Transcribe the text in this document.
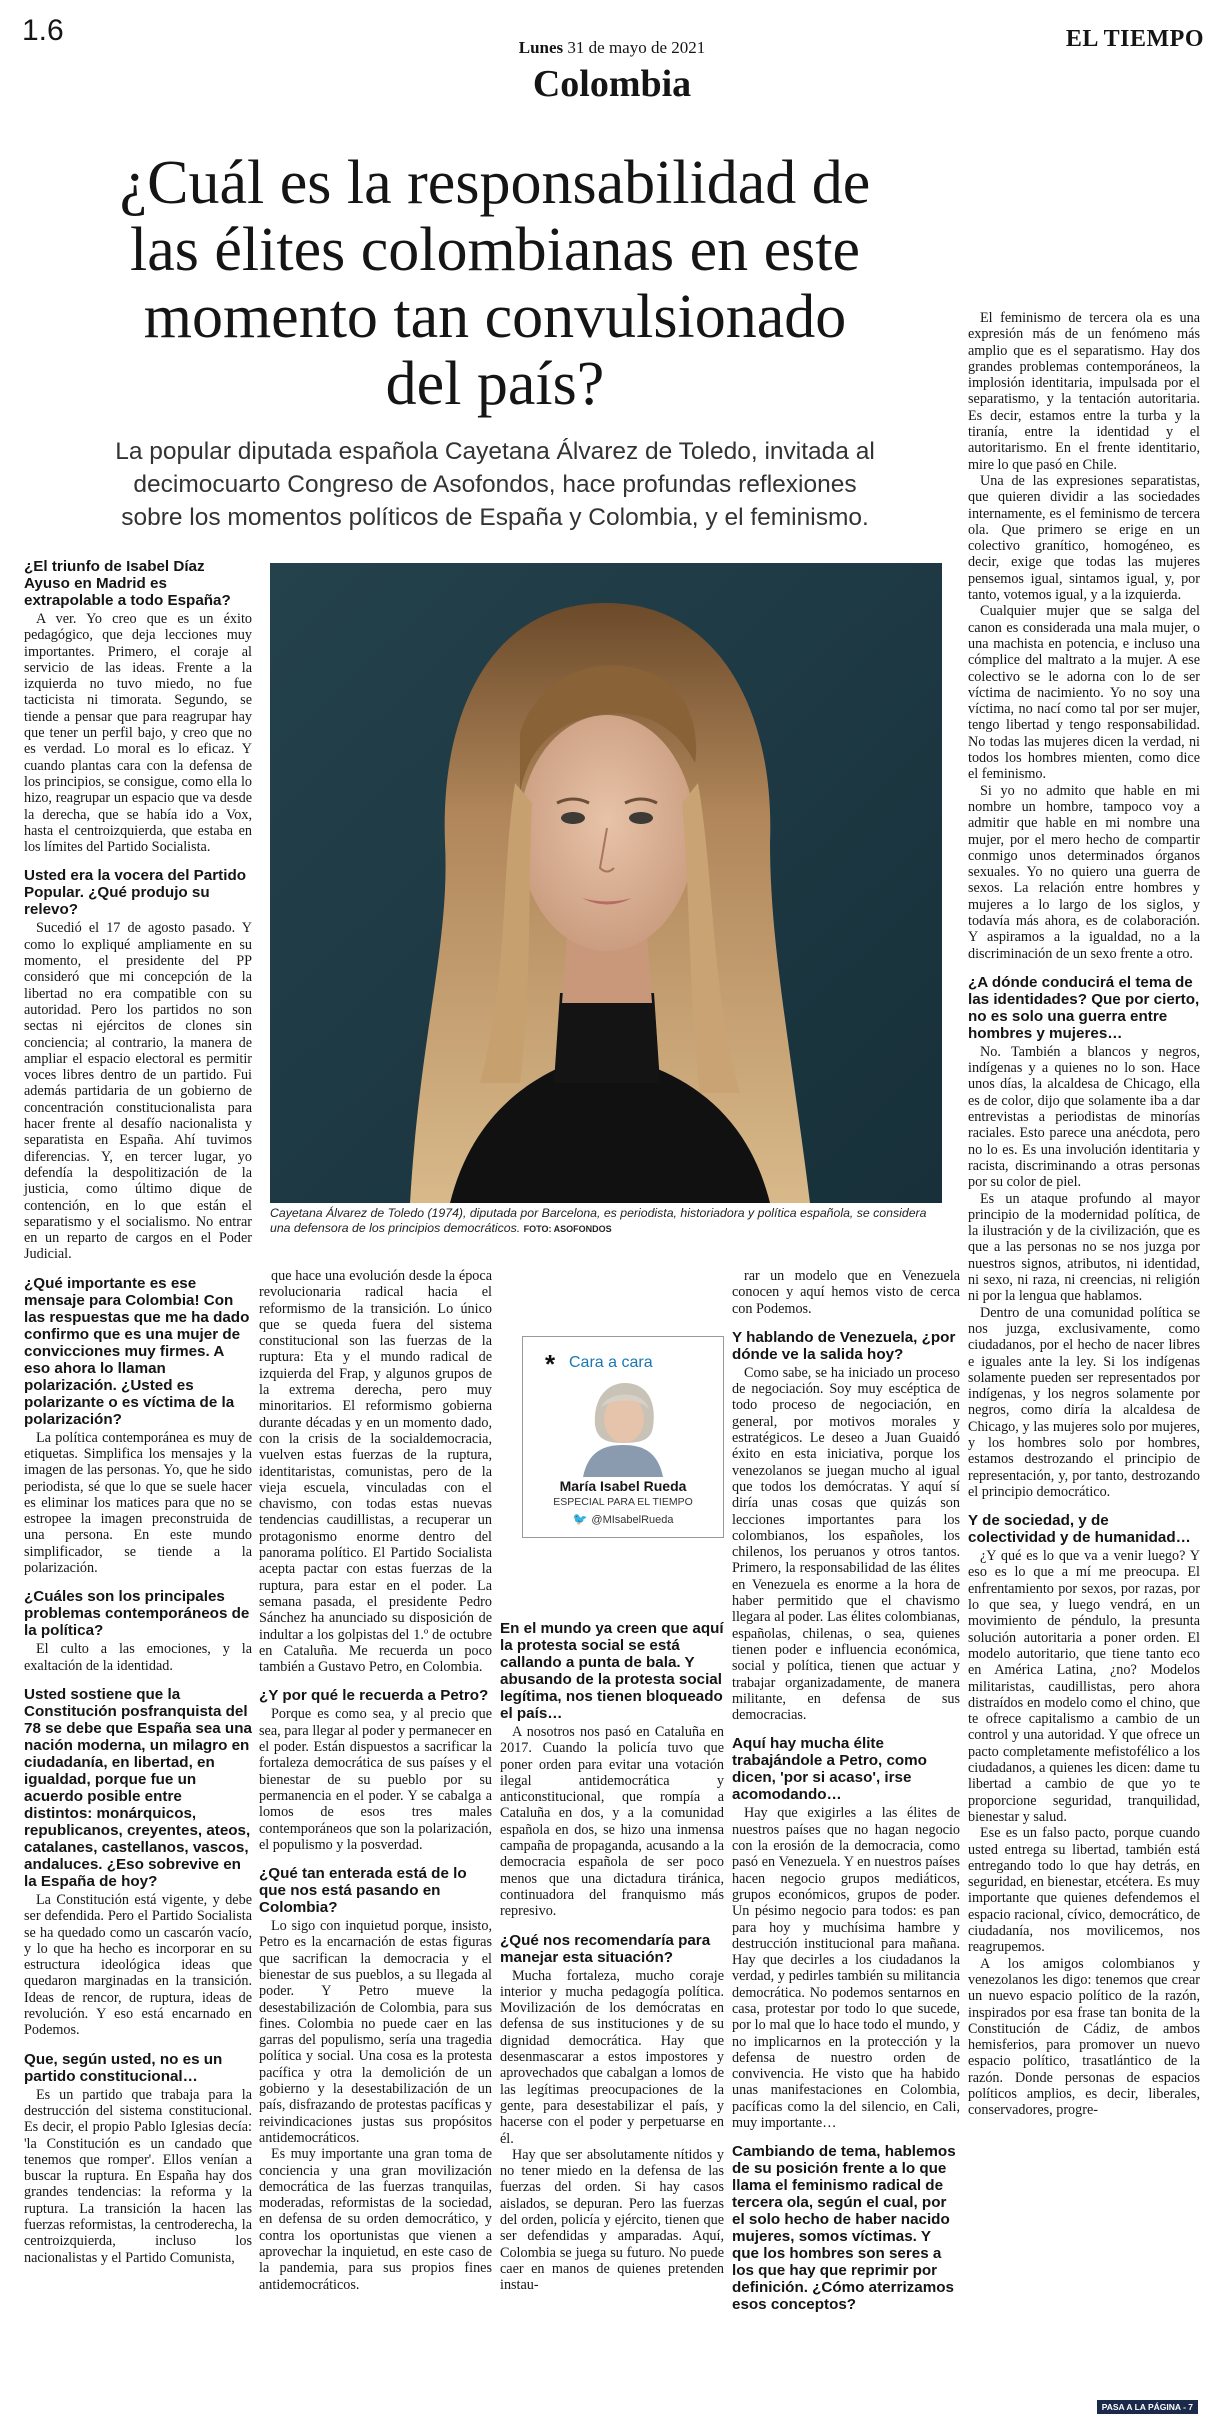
1.6
Lunes 31 de mayo de 2021
Colombia
EL TIEMPO
¿Cuál es la responsabilidad de las élites colombianas en este momento tan convulsionado del país?
La popular diputada española Cayetana Álvarez de Toledo, invitada al decimocuarto Congreso de Asofondos, hace profundas reflexiones sobre los momentos políticos de España y Colombia, y el feminismo.
Cayetana Álvarez de Toledo (1974), diputada por Barcelona, es periodista, historiadora y política española, se considera una defensora de los principios democráticos. FOTO: ASOFONDOS
¿El triunfo de Isabel Díaz Ayuso en Madrid es extrapolable a todo España?

A ver. Yo creo que es un éxito pedagógico, que deja lecciones muy importantes. Primero, el coraje al servicio de las ideas. Frente a la izquierda no tuvo miedo, no fue tacticista ni timorata. Segundo, se tiende a pensar que para reagrupar hay que tener un perfil bajo, y creo que no es verdad. Lo moral es lo eficaz. Y cuando plantas cara con la defensa de los principios, se consigue, como ella lo hizo, reagrupar un espacio que va desde la derecha, que se había ido a Vox, hasta el centroizquierda, que estaba en los límites del Partido Socialista.

Usted era la vocera del Partido Popular. ¿Qué produjo su relevo?

Sucedió el 17 de agosto pasado. Y como lo expliqué ampliamente en su momento, el presidente del PP consideró que mi concepción de la libertad no era compatible con su autoridad. Pero los partidos no son sectas ni ejércitos de clones sin conciencia; al contrario, la manera de ampliar el espacio electoral es permitir voces libres dentro de un partido. Fui además partidaria de un gobierno de concentración constitucionalista para hacer frente al desafío nacionalista y separatista en España. Ahí tuvimos diferencias. Y, en tercer lugar, yo defendía la despolitización de la justicia, como último dique de contención, en lo que están el separatismo y el socialismo. No entrar en un reparto de cargos en el Poder Judicial.

¿Qué importante es ese mensaje para Colombia! Con las respuestas que me ha dado confirmo que es una mujer de convicciones muy firmes. A eso ahora lo llaman polarización. ¿Usted es polarizante o es víctima de la polarización?

La política contemporánea es muy de etiquetas. Simplifica los mensajes y la imagen de las personas. Yo, que he sido periodista, sé que lo que se suele hacer es eliminar los matices para que no se estropee la imagen preconstruida de una persona. En este mundo simplificador, se tiende a la polarización.

¿Cuáles son los principales problemas contemporáneos de la política?

El culto a las emociones, y la exaltación de la identidad.

Usted sostiene que la Constitución posfranquista del 78 se debe que España sea una nación moderna, un milagro en ciudadanía, en libertad, en igualdad, porque fue un acuerdo posible entre distintos: monárquicos, republicanos, creyentes, ateos, catalanes, castellanos, vascos, andaluces. ¿Eso sobrevive en la España de hoy?

La Constitución está vigente, y debe ser defendida. Pero el Partido Socialista se ha quedado como un cascarón vacío, y lo que ha hecho es incorporar en su estructura ideológica ideas que quedaron marginadas en la transición. Ideas de rencor, de ruptura, ideas de revolución. Y eso está encarnado en Podemos.

Que, según usted, no es un partido constitucional…

Es un partido que trabaja para la destrucción del sistema constitucional. Es decir, el propio Pablo Iglesias decía: 'la Constitución es un candado que tenemos que romper'. Ellos venían a buscar la ruptura. En España hay dos grandes tendencias: la reforma y la ruptura. La transición la hacen las fuerzas reformistas, la centroderecha, la centroizquierda, incluso los nacionalistas y el Partido Comunista,

que hace una evolución desde la época revolucionaria radical hacia el reformismo de la transición. Lo único que se queda fuera del sistema constitucional son las fuerzas de la ruptura: Eta y el mundo radical de izquierda del Frap, y algunos grupos de la extrema derecha, pero muy minoritarios. El reformismo gobierna durante décadas y en un momento dado, con la crisis de la socialdemocracia, vuelven estas fuerzas de la ruptura, identitaristas, comunistas, pero de la vieja escuela, vinculadas con el chavismo, con todas estas nuevas tendencias caudillistas, a recuperar un protagonismo enorme dentro del panorama político. El Partido Socialista acepta pactar con estas fuerzas de la ruptura, para estar en el poder. La semana pasada, el presidente Pedro Sánchez ha anunciado su disposición de indultar a los golpistas del 1.º de octubre en Cataluña. Me recuerda un poco también a Gustavo Petro, en Colombia.

¿Y por qué le recuerda a Petro?

Porque es como sea, y al precio que sea, para llegar al poder y permanecer en el poder. Están dispuestos a sacrificar la fortaleza democrática de sus países y el bienestar de su pueblo por su permanencia en el poder. Y se cabalga a lomos de esos tres males contemporáneos que son la polarización, el populismo y la posverdad.

¿Qué tan enterada está de lo que nos está pasando en Colombia?

Lo sigo con inquietud porque, insisto, Petro es la encarnación de estas figuras que sacrifican la democracia y el bienestar de sus pueblos, a su llegada al poder. Y Petro mueve la desestabilización de Colombia, para sus fines. Colombia no puede caer en las garras del populismo, sería una tragedia política y social. Una cosa es la protesta pacífica y otra la demolición de un gobierno y la desestabilización de un país, disfrazando de protestas pacíficas y reivindicaciones justas sus propósitos antidemocráticos.

Es muy importante una gran toma de conciencia y una gran movilización democrática de las fuerzas tranquilas, moderadas, reformistas de la sociedad, en defensa de su orden democrático, y contra los oportunistas que vienen a aprovechar la inquietud, en este caso de la pandemia, para sus propios fines antidemocráticos.

En el mundo ya creen que aquí la protesta social se está callando a punta de bala. Y abusando de la protesta social legítima, nos tienen bloqueado el país…

A nosotros nos pasó en Cataluña en 2017. Cuando la policía tuvo que poner orden para evitar una votación ilegal antidemocrática y anticonstitucional, que rompía a Cataluña en dos, y a la comunidad española en dos, se hizo una inmensa campaña de propaganda, acusando a la democracia española de ser poco menos que una dictadura tiránica, continuadora del franquismo más represivo.

¿Qué nos recomendaría para manejar esta situación?

Mucha fortaleza, mucho coraje interior y mucha pedagogía política. Movilización de los demócratas en defensa de sus instituciones y de su dignidad democrática. Hay que desenmascarar a estos impostores y aprovechados que cabalgan a lomos de las legítimas preocupaciones de la gente, para desestabilizar el país, y hacerse con el poder y perpetuarse en él.

Hay que ser absolutamente nítidos y no tener miedo en la defensa de las fuerzas del orden. Si hay casos aislados, se depuran. Pero las fuerzas del orden, policía y ejército, tienen que ser defendidas y amparadas. Aquí, Colombia se juega su futuro. No puede caer en manos de quienes pretenden instau-

rar un modelo que en Venezuela conocen y aquí hemos visto de cerca con Podemos.

Y hablando de Venezuela, ¿por dónde ve la salida hoy?

Como sabe, se ha iniciado un proceso de negociación. Soy muy escéptica de todo proceso de negociación, en general, por motivos morales y estratégicos. Le deseo a Juan Guaidó éxito en esta iniciativa, porque los venezolanos se juegan mucho al igual que todos los demócratas. Y aquí sí diría unas cosas que quizás son lecciones importantes para los colombianos, los españoles, los chilenos, los peruanos y otros tantos. Primero, la responsabilidad de las élites en Venezuela es enorme a la hora de haber permitido que el chavismo llegara al poder. Las élites colombianas, españolas, chilenas, o sea, quienes tienen poder e influencia económica, social y política, tienen que actuar y trabajar organizadamente, de manera militante, en defensa de sus democracias.

Aquí hay mucha élite trabajándole a Petro, como dicen, 'por si acaso', irse acomodando…

Hay que exigirles a las élites de nuestros países que no hagan negocio con la erosión de la democracia, como pasó en Venezuela. Y en nuestros países hacen negocio grupos mediáticos, grupos económicos, grupos de poder. Un pésimo negocio para todos: es pan para hoy y muchísima hambre y destrucción institucional para mañana. Hay que decirles a los ciudadanos la verdad, y pedirles también su militancia democrática. No podemos sentarnos en casa, protestar por todo lo que sucede, por lo mal que lo hace todo el mundo, y no implicarnos en la protección y la defensa de nuestro orden de convivencia. He visto que ha habido unas manifestaciones en Colombia, pacíficas como la del silencio, en Cali, muy importante…

Cambiando de tema, hablemos de su posición frente a lo que llama el feminismo radical de tercera ola, según el cual, por el solo hecho de haber nacido mujeres, somos víctimas. Y que los hombres son seres a los que hay que reprimir por definición. ¿Cómo aterrizamos esos conceptos?

El feminismo de tercera ola es una expresión más de un fenómeno más amplio que es el separatismo. Hay dos grandes problemas contemporáneos, la implosión identitaria, impulsada por el separatismo, y la tentación autoritaria. Es decir, estamos entre la turba y la tiranía, entre la identidad y el autoritarismo. En el frente identitario, mire lo que pasó en Chile.

Una de las expresiones separatistas, que quieren dividir a las sociedades internamente, es el feminismo de tercera ola. Que primero se erige en un colectivo granítico, homogéneo, es decir, exige que todas las mujeres pensemos igual, sintamos igual, y, por tanto, votemos igual, y a la izquierda.

Cualquier mujer que se salga del canon es considerada una mala mujer, o una machista en potencia, e incluso una cómplice del maltrato a la mujer. A ese colectivo se le adorna con lo de ser víctima de nacimiento. Yo no soy una víctima, no nací como tal por ser mujer, tengo libertad y tengo responsabilidad. No todas las mujeres dicen la verdad, ni todos los hombres mienten, como dice el feminismo.

Si yo no admito que hable en mi nombre un hombre, tampoco voy a admitir que hable en mi nombre una mujer, por el mero hecho de compartir conmigo unos determinados órganos sexuales. Yo no quiero una guerra de sexos. La relación entre hombres y mujeres a lo largo de los siglos, y todavía más ahora, es de colaboración. Y aspiramos a la igualdad, no a la discriminación de un sexo frente a otro.

¿A dónde conducirá el tema de las identidades? Que por cierto, no es solo una guerra entre hombres y mujeres…

No. También a blancos y negros, indígenas y a quienes no lo son. Hace unos días, la alcaldesa de Chicago, ella es de color, dijo que solamente iba a dar entrevistas a periodistas de minorías raciales. Esto parece una anécdota, pero no lo es. Es una involución identitaria y racista, discriminando a otras personas por su color de piel.

Es un ataque profundo al mayor principio de la modernidad política, de la ilustración y de la civilización, que es que a las personas no se nos juzga por nuestros signos, atributos, ni identidad, ni sexo, ni raza, ni creencias, ni religión ni por la lengua que hablamos.

Dentro de una comunidad política se nos juzga, exclusivamente, como ciudadanos, por el hecho de nacer libres e iguales ante la ley. Si los indígenas solamente pueden ser representados por indígenas, y los negros solamente por negros, como diría la alcaldesa de Chicago, y las mujeres solo por mujeres, y los hombres solo por hombres, estamos destrozando el principio de representación, y, por tanto, destrozando el principio democrático.

Y de sociedad, y de colectividad y de humanidad…

¿Y qué es lo que va a venir luego? Y eso es lo que a mí me preocupa. El enfrentamiento por sexos, por razas, por lo que sea, y luego vendrá, en un movimiento de péndulo, la presunta solución autoritaria a poner orden. El modelo autoritario, que tiene tanto eco en América Latina, ¿no? Modelos militaristas, caudillistas, pero ahora distraídos en modelo como el chino, que te ofrece capitalismo a cambio de un control y una autoridad. Y que ofrece un pacto completamente mefistofélico a los ciudadanos, a quienes les dicen: dame tu libertad a cambio de que yo te proporcione seguridad, tranquilidad, bienestar y salud.

Ese es un falso pacto, porque cuando usted entrega su libertad, también está entregando todo lo que hay detrás, en seguridad, en bienestar, etcétera. Es muy importante que quienes defendemos el espacio racional, cívico, democrático, de ciudadanía, nos movilicemos, nos reagrupemos.

A los amigos colombianos y venezolanos les digo: tenemos que crear un nuevo espacio político de la razón, inspirados por esa frase tan bonita de la Constitución de Cádiz, de ambos hemisferios, para promover un nuevo espacio político, trasatlántico de la razón. Donde personas de espacios políticos amplios, es decir, liberales, conservadores, progre-

* Cara a cara
María Isabel Rueda
ESPECIAL PARA EL TIEMPO
🐦 @MIsabelRueda
PASA A LA PÁGINA - 7
